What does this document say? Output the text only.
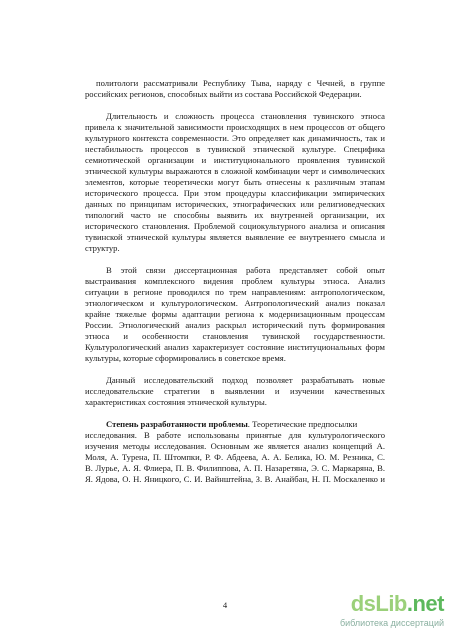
политологи рассматривали Республику Тыва, наряду с Чечней, в группе
российских регионов, способных выйти из состава Российской Федерации.
Длительность и сложность процесса становления тувинского этноса
привела к значительной зависимости происходящих в нем процессов от общего
культурного контекста современности. Это определяет как динамичность, так и
нестабильность процессов в тувинской этнической культуре. Специфика
семиотической организации и институционального проявления тувинской
этнической культуры выражаются в сложной комбинации черт и символических
элементов, которые теоретически могут быть отнесены к различным этапам
исторического процесса. При этом процедуры классификации эмпирических
данных по принципам исторических, этнографических или религиоведческих
типологий часто не способны выявить их внутренней организации, их
исторического становления. Проблемой социокультурного анализа и описания
тувинской этнической культуры является выявление ее внутреннего смысла и
структур.
В этой связи диссертационная работа представляет собой опыт
выстраивания комплексного видения проблем культуры этноса. Анализ
ситуации в регионе проводился по трем направлениям: антропологическом,
этнологическом и культурологическом. Антропологический анализ показал
крайне тяжелые формы адаптации региона к модернизационным процессам
России. Этнологический анализ раскрыл исторический путь формирования
этноса и особенности становления тувинской государственности.
Культурологический анализ характеризует состояние институциональных форм
культуры, которые сформировались в советское время.
Данный исследовательский подход позволяет разрабатывать новые
исследовательские стратегии в выявлении и изучении качественных
характеристиках состояния этнической культуры.
Степень разработанности проблемы. Теоретические предпосылки
исследования. В работе использованы принятые для культурологического
изучения методы исследования. Основным же является анализ концепций А.
Моля, А. Турена, П. Штомпки, Р. Ф. Абдеева, А. А. Белика, Ю. М. Резника, С.
В. Лурье, А. Я. Флиера, П. В. Филиппова, А. П. Назаретяна, Э. С. Маркаряна, В.
Я. Ядова, О. Н. Яницкого, С. И. Вайнштейна, З. В. Анайбан, Н. П. Москаленко и
4	dsLib.net
библиотека диссертаций
